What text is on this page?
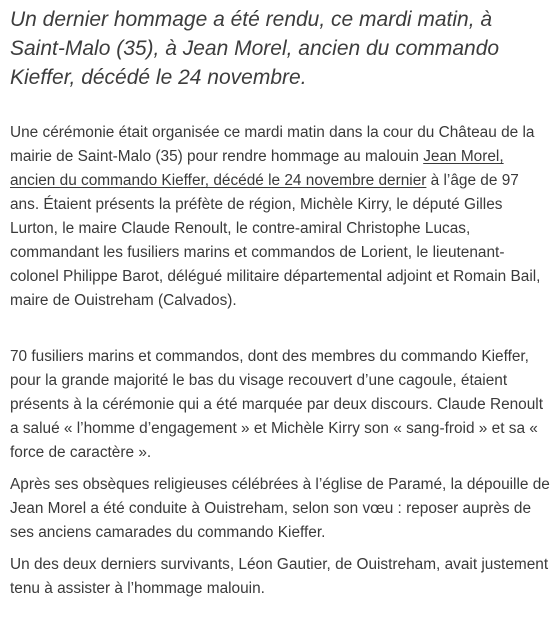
Un dernier hommage a été rendu, ce mardi matin, à Saint-Malo (35), à Jean Morel, ancien du commando Kieffer, décédé le 24 novembre.

Une cérémonie était organisée ce mardi matin dans la cour du Château de la mairie de Saint-Malo (35) pour rendre hommage au malouin Jean Morel, ancien du commando Kieffer, décédé le 24 novembre dernier à l’âge de 97 ans. Étaient présents la préfète de région, Michèle Kirry, le député Gilles Lurton, le maire Claude Renoult, le contre-amiral Christophe Lucas, commandant les fusiliers marins et commandos de Lorient, le lieutenant-colonel Philippe Barot, délégué militaire départemental adjoint et Romain Bail, maire de Ouistreham (Calvados).

70 fusiliers marins et commandos, dont des membres du commando Kieffer, pour la grande majorité le bas du visage recouvert d’une cagoule, étaient présents à la cérémonie qui a été marquée par deux discours. Claude Renoult a salué « l’homme d’engagement » et Michèle Kirry son « sang-froid » et sa « force de caractère ».

Après ses obsèques religieuses célébrées à l’église de Paramé, la dépouille de Jean Morel a été conduite à Ouistreham, selon son vœu : reposer auprès de ses anciens camarades du commando Kieffer.

Un des deux derniers survivants, Léon Gautier, de Ouistreham, avait justement tenu à assister à l’hommage malouin.
